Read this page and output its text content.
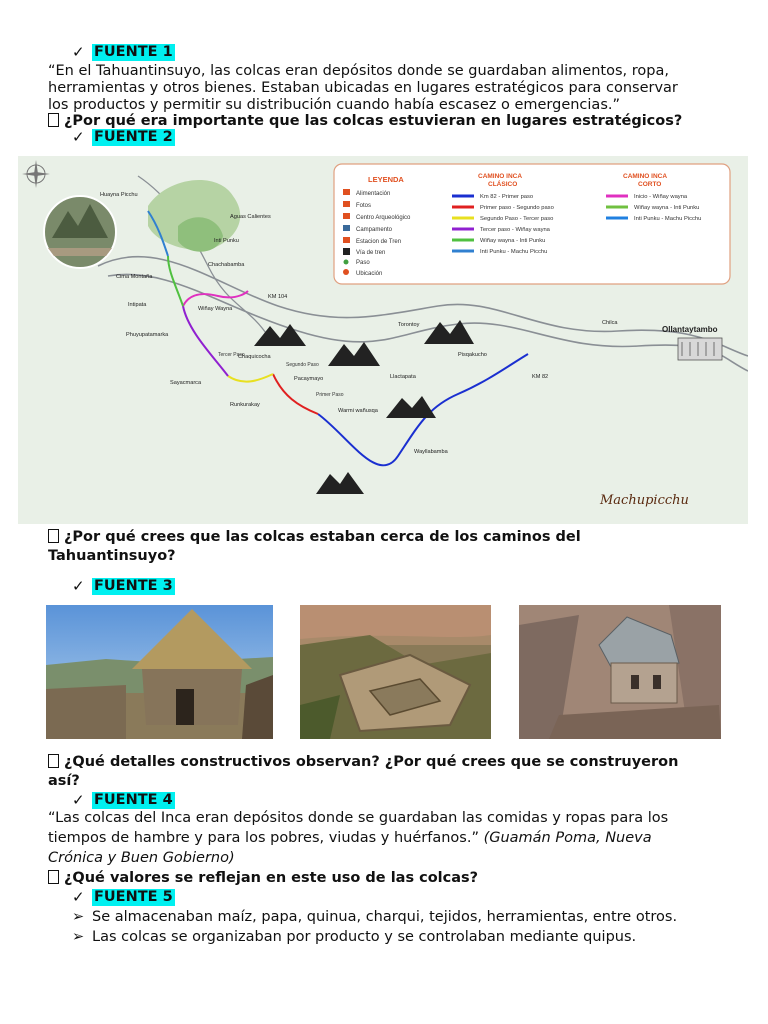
✓ FUENTE 1
“En el Tahuantinsuyo, las colcas eran depósitos donde se guardaban alimentos, ropa,
herramientas y otros bienes. Estaban ubicadas en lugares estratégicos para conservar
los productos y permitir su distribución cuando había escasez o emergencias.”
¿Por qué era importante que las colcas estuvieran en lugares estratégicos?
✓ FUENTE 2
LEYENDA
Alimentación
Fotos
Centro Arqueológico
Campamento
Estacion de Tren
Vía de tren
Paso
Ubicación
CAMINO INCA
CLÁSICO
Km 82 - Primer paso
Primer paso - Segundo paso
Segundo Paso - Tercer paso
Tercer paso - Wiñay wayna
Wiñay wayna - Inti Punku
Inti Punku - Machu Picchu
CAMINO INCA
CORTO
Inicio - Wiñay wayna
Wiñay wayna - Inti Punku
Inti Punku - Machu Picchu
Huayna Picchu
Aguas Calientes
Inti Punku
Chachabamba
Cima Montaña
KM 104
Intipata
Wiñay Wayna
Phuyupatamarka
Chaquicocha
Sayacmarca
Runkurakay
Pacaymayo
Warmi wañusqa
Torontoy
Llactapata
Pisqakucho
Wayllabamba
KM 82
Chilca
Ollantaytambo
Tercer Paso
Segundo Paso
Primer Paso
Machupicchu
¿Por qué crees que las colcas estaban cerca de los caminos del
Tahuantinsuyo?
✓ FUENTE 3
¿Qué detalles constructivos observan? ¿Por qué crees que se construyeron
así?
✓ FUENTE 4
“Las colcas del Inca eran depósitos donde se guardaban las comidas y ropas para los
tiempos de hambre y para los pobres, viudas y huérfanos.” (Guamán Poma, Nueva
Crónica y Buen Gobierno)
¿Qué valores se reflejan en este uso de las colcas?
✓ FUENTE 5
➢ Se almacenaban maíz, papa, quinua, charqui, tejidos, herramientas, entre otros.
➢ Las colcas se organizaban por producto y se controlaban mediante quipus.
